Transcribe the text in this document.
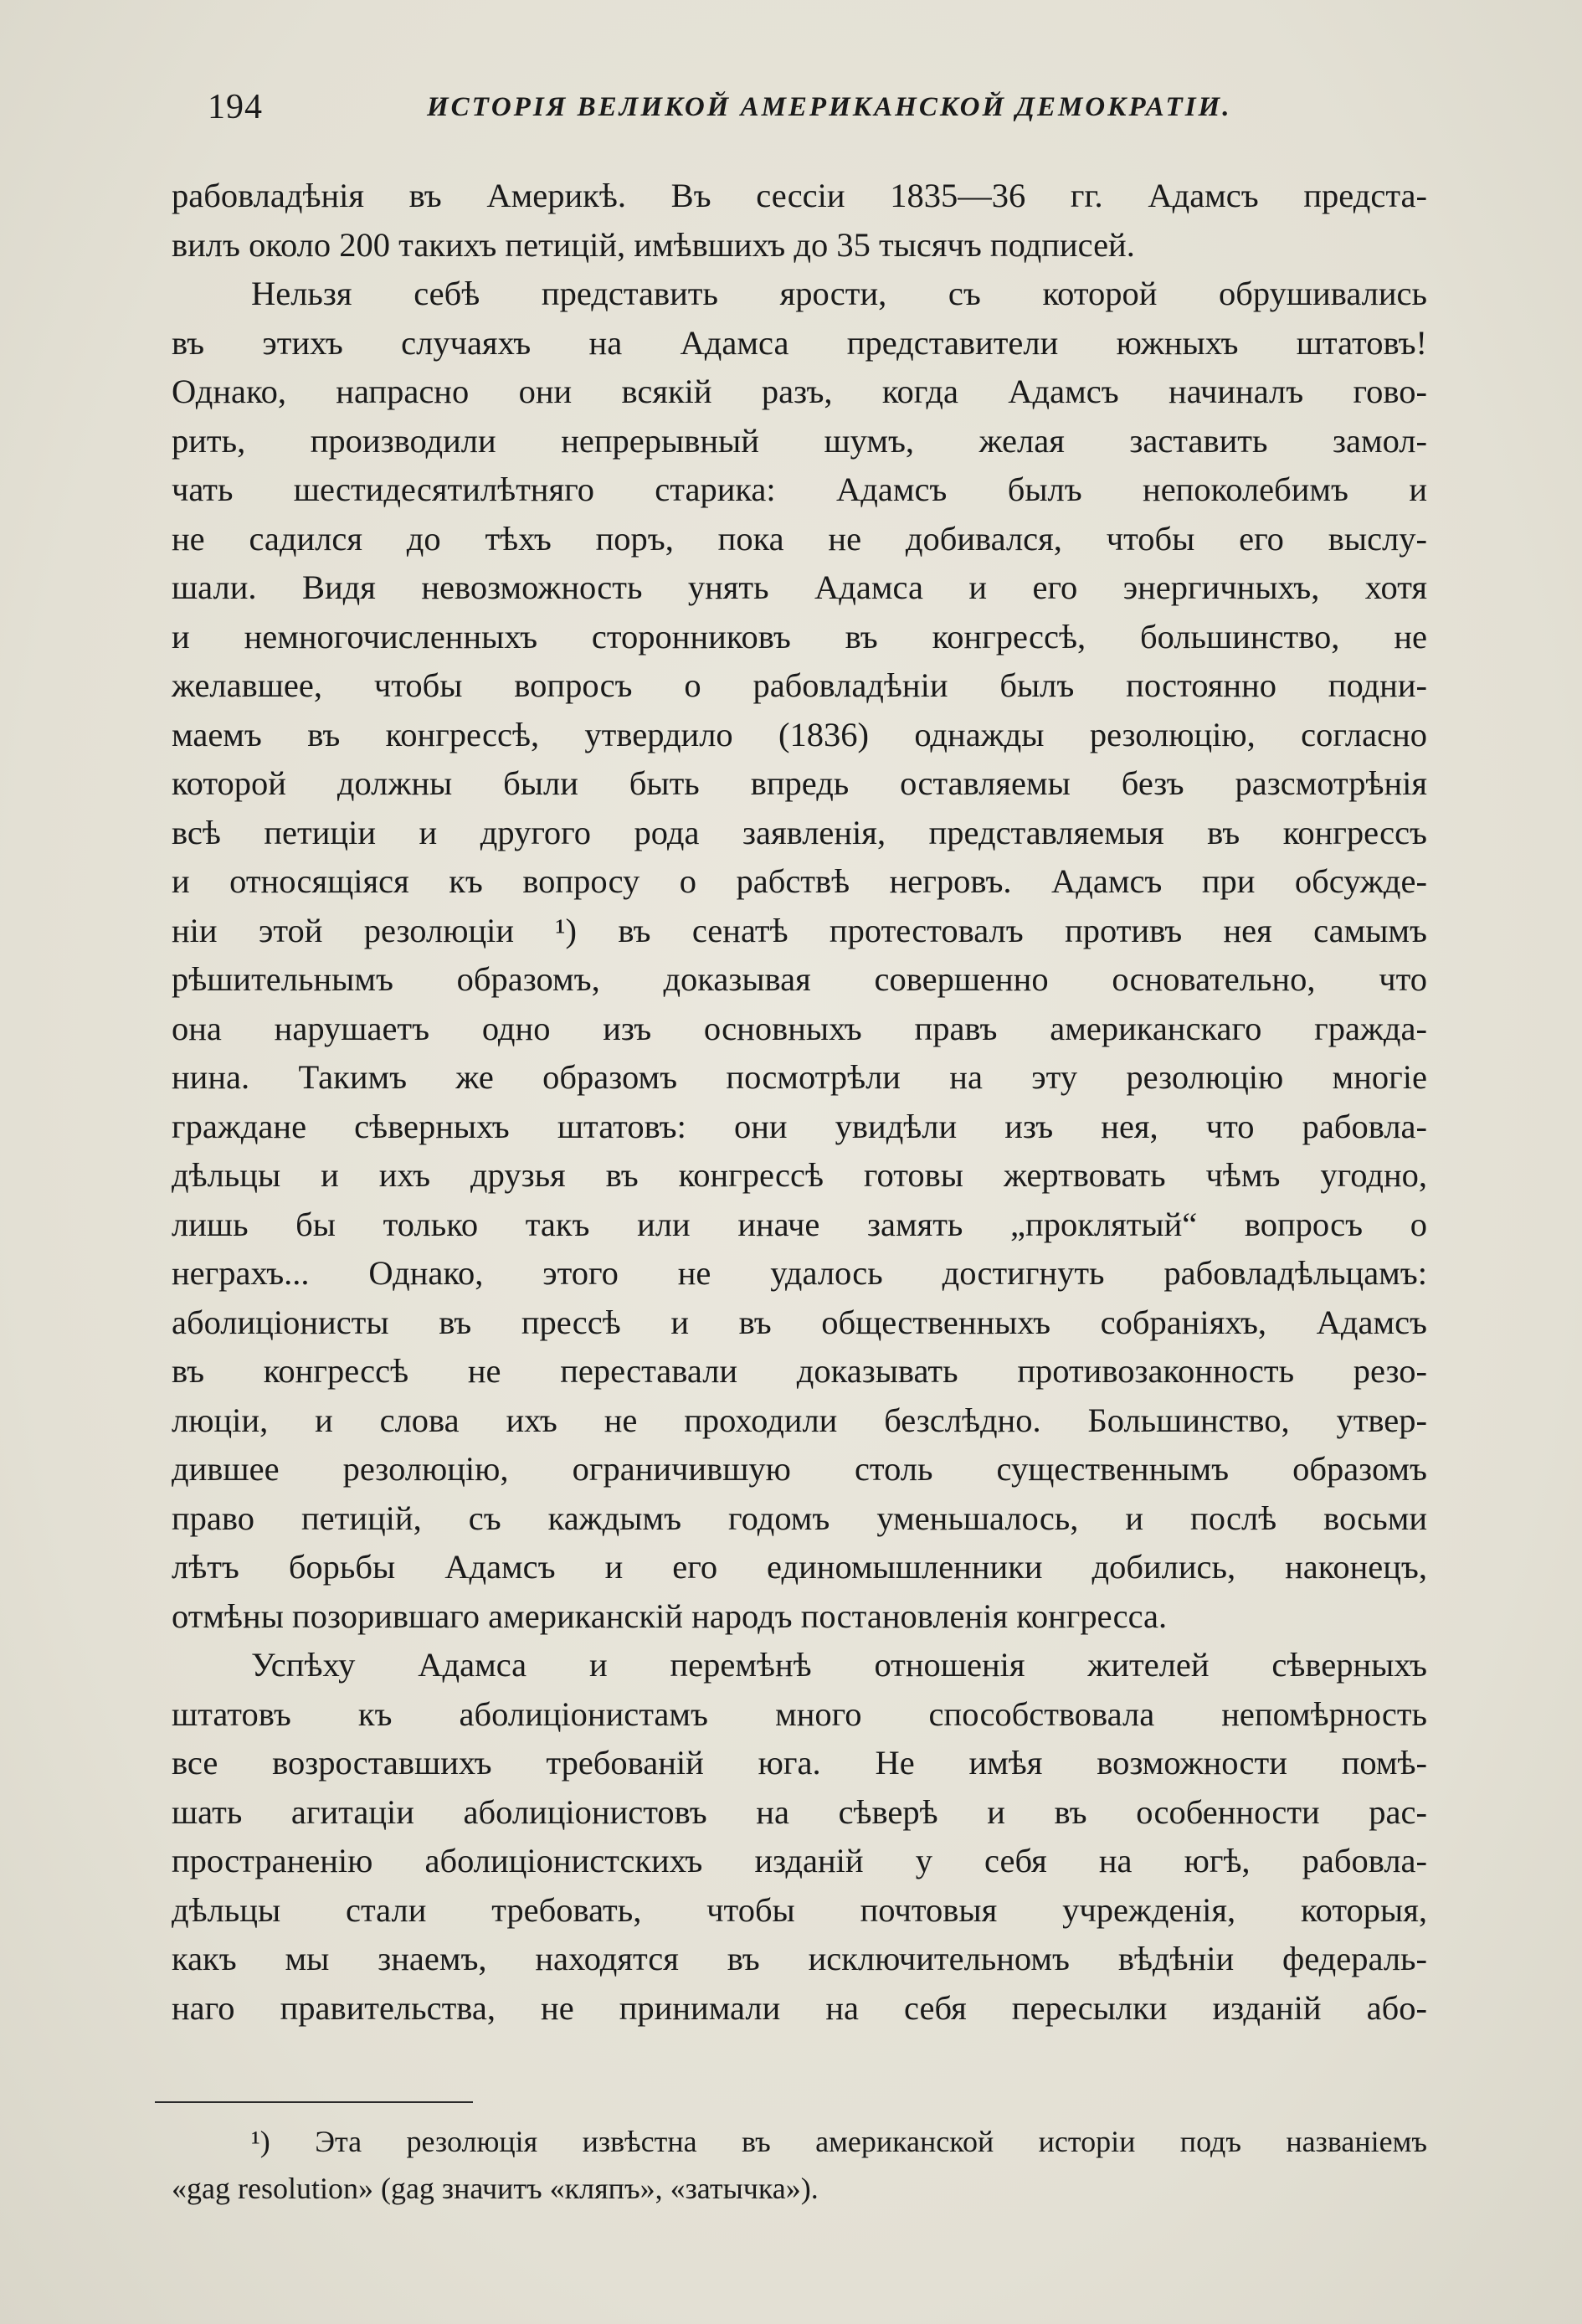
194	ИСТОРІЯ ВЕЛИКОЙ АМЕРИКАНСКОЙ ДЕМОКРАТІИ.
рабовладѣнія въ Америкѣ. Въ сессіи 1835—36 гг. Адамсъ предста-
вилъ около 200 такихъ петицій, имѣвшихъ до 35 тысячъ подписей.
Нельзя себѣ представить ярости, съ которой обрушивались
въ этихъ случаяхъ на Адамса представители южныхъ штатовъ!
Однако, напрасно они всякій разъ, когда Адамсъ начиналъ гово-
рить, производили непрерывный шумъ, желая заставить замол-
чать шестидесятилѣтняго старика: Адамсъ былъ непоколебимъ и
не садился до тѣхъ поръ, пока не добивался, чтобы его выслу-
шали. Видя невозможность унять Адамса и его энергичныхъ, хотя
и немногочисленныхъ сторонниковъ въ конгрессѣ, большинство, не
желавшее, чтобы вопросъ о рабовладѣніи былъ постоянно подни-
маемъ въ конгрессѣ, утвердило (1836) однажды резолюцію, согласно
которой должны были быть впредь оставляемы безъ разсмотрѣнія
всѣ петиціи и другого рода заявленія, представляемыя въ конгрессъ
и относящіяся къ вопросу о рабствѣ негровъ. Адамсъ при обсужде-
ніи этой резолюціи ¹) въ сенатѣ протестовалъ противъ нея самымъ
рѣшительнымъ образомъ, доказывая совершенно основательно, что
она нарушаетъ одно изъ основныхъ правъ американскаго гражда-
нина. Такимъ же образомъ посмотрѣли на эту резолюцію многіе
граждане сѣверныхъ штатовъ: они увидѣли изъ нея, что рабовла-
дѣльцы и ихъ друзья въ конгрессѣ готовы жертвовать чѣмъ угодно,
лишь бы только такъ или иначе замять „проклятый“ вопросъ о
неграхъ... Однако, этого не удалось достигнуть рабовладѣльцамъ:
аболиціонисты въ прессѣ и въ общественныхъ собраніяхъ, Адамсъ
въ конгрессѣ не переставали доказывать противозаконность резо-
люціи, и слова ихъ не проходили безслѣдно. Большинство, утвер-
дившее резолюцію, ограничившую столь существеннымъ образомъ
право петицій, съ каждымъ годомъ уменьшалось, и послѣ восьми
лѣтъ борьбы Адамсъ и его единомышленники добились, наконецъ,
отмѣны позорившаго американскій народъ постановленія конгресса.
Успѣху Адамса и перемѣнѣ отношенія жителей сѣверныхъ
штатовъ къ аболиціонистамъ много способствовала непомѣрность
все возроставшихъ требованій юга. Не имѣя возможности помѣ-
шать агитаціи аболиціонистовъ на сѣверѣ и въ особенности рас-
пространенію аболиціонистскихъ изданій у себя на югѣ, рабовла-
дѣльцы стали требовать, чтобы почтовыя учрежденія, которыя,
какъ мы знаемъ, находятся въ исключительномъ вѣдѣніи федераль-
наго правительства, не принимали на себя пересылки изданій або-
¹) Эта резолюція извѣстна въ американской исторіи подъ названіемъ
«gag resolution» (gag значитъ «кляпъ», «затычка»).
